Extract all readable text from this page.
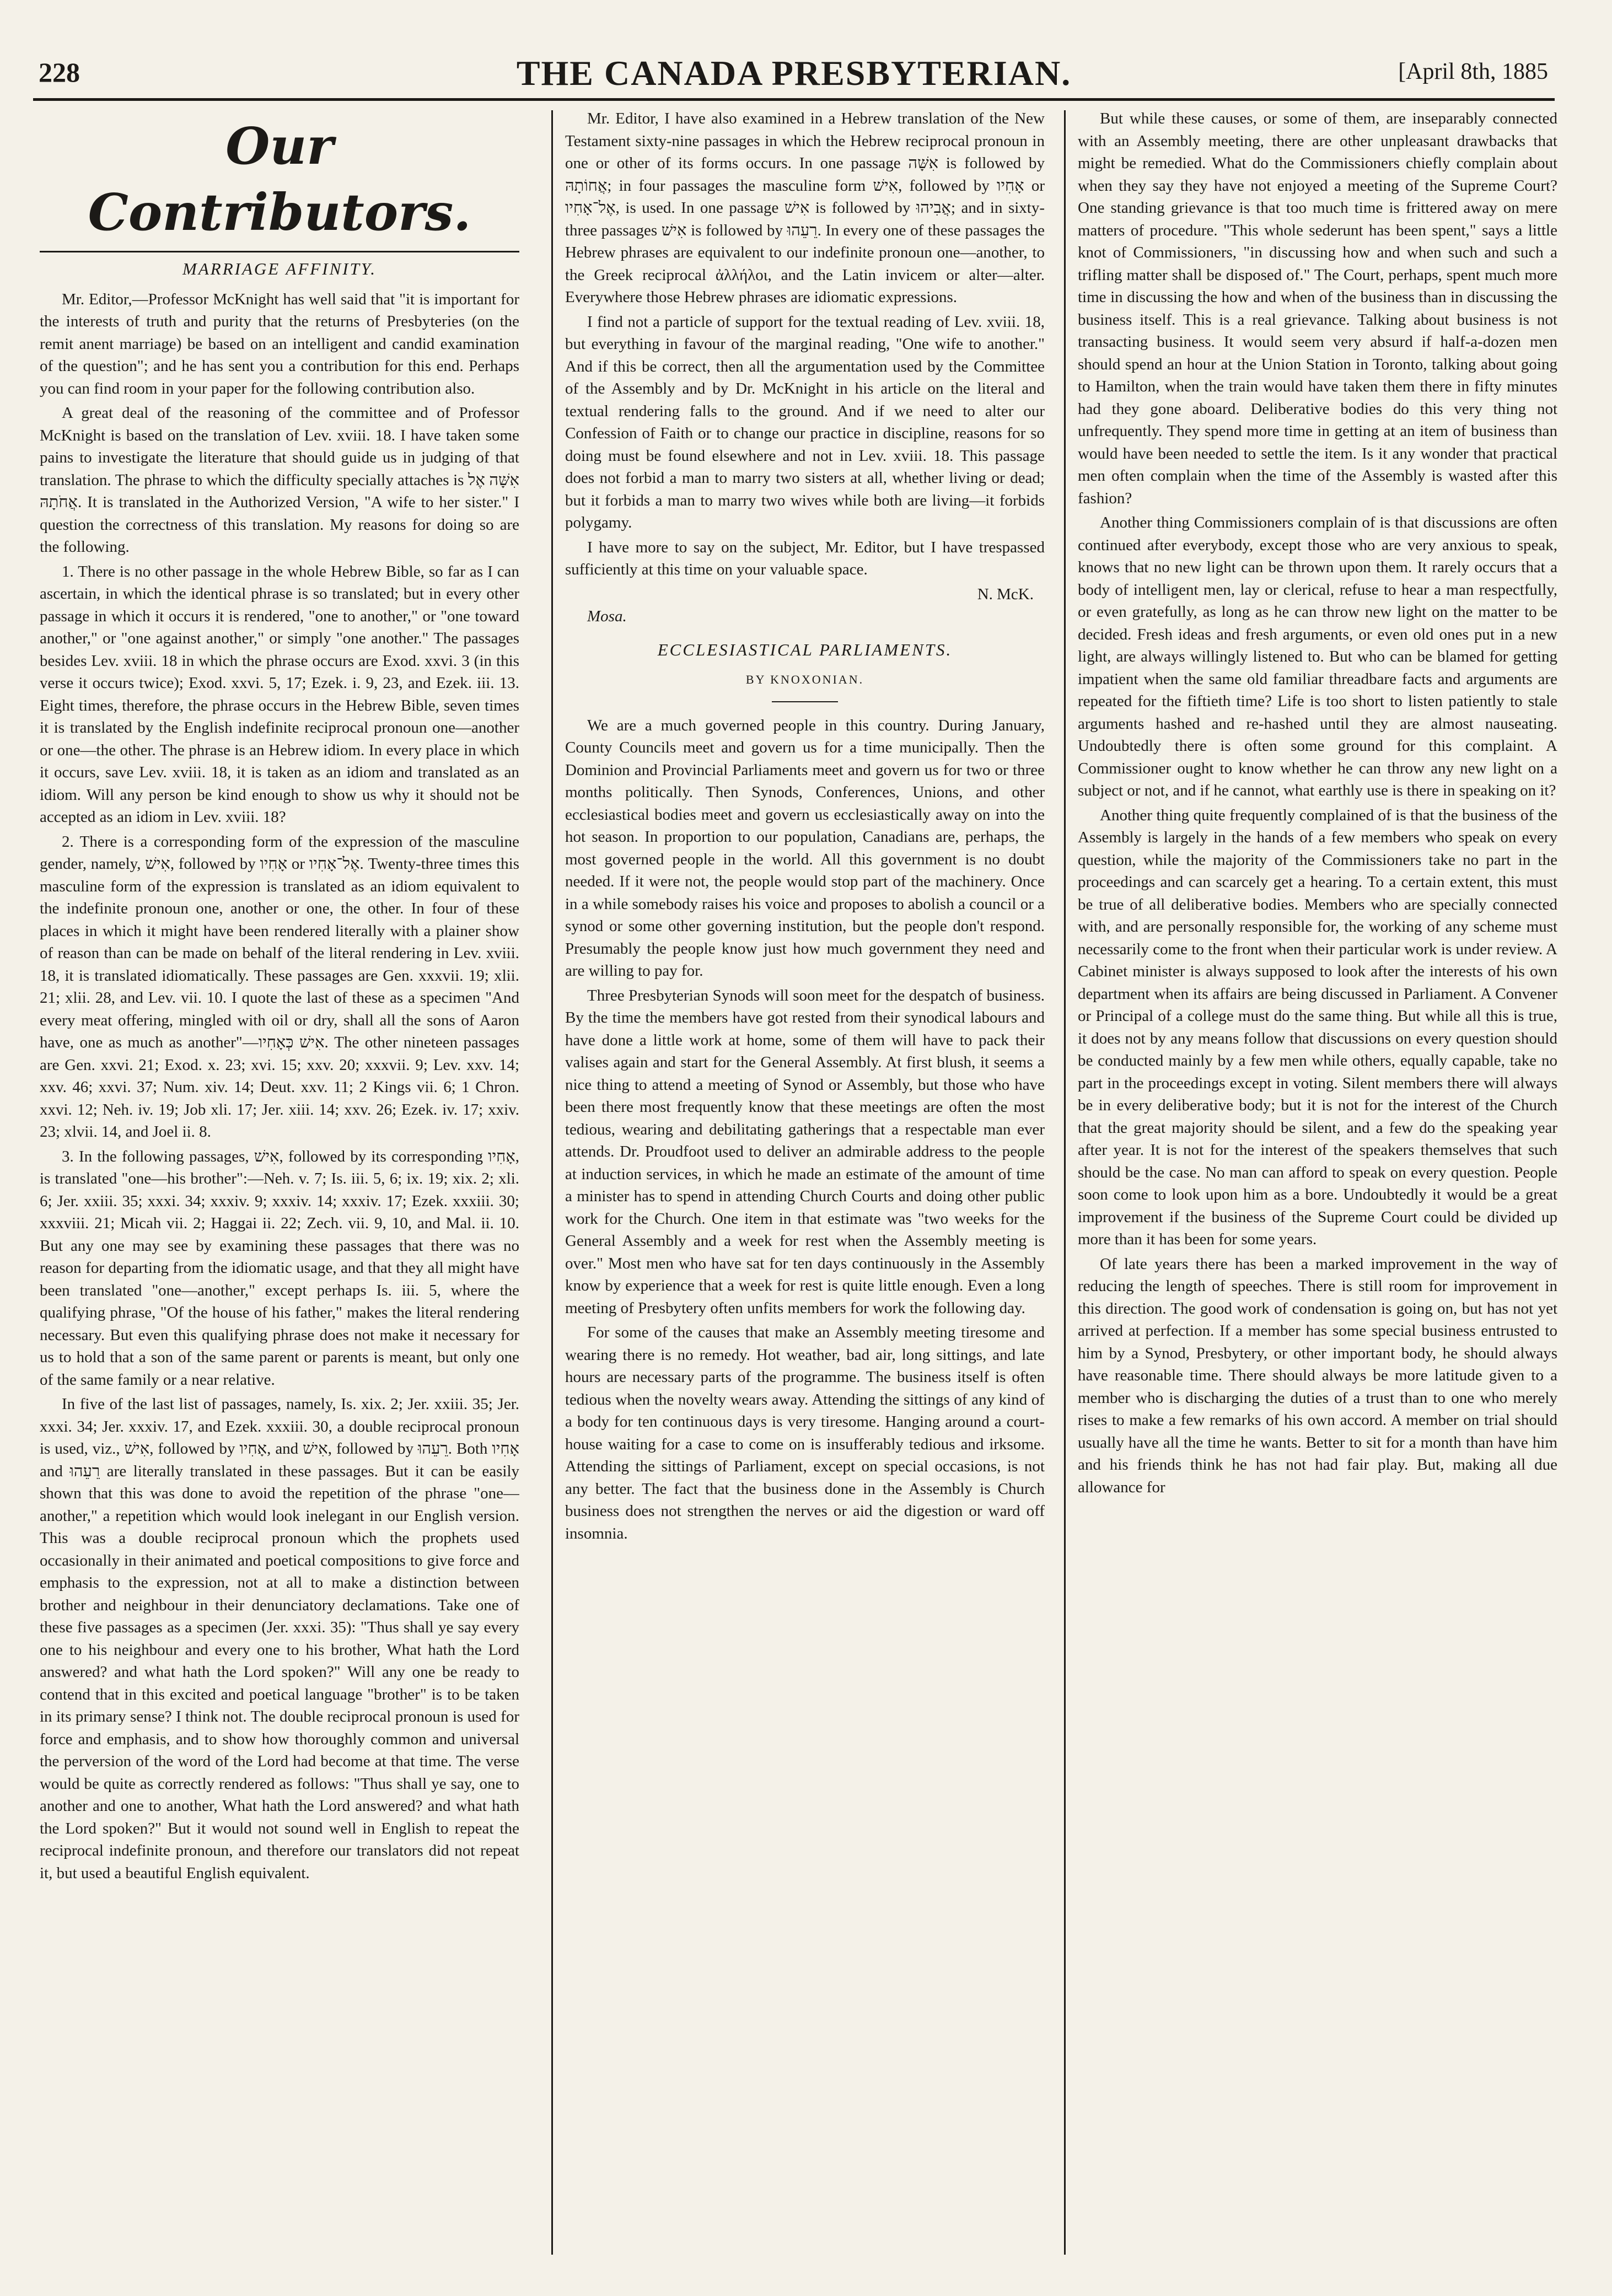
228	THE CANADA PRESBYTERIAN.	[April 8th, 1885
Our Contributors.
MARRIAGE AFFINITY.

Mr. Editor,—Professor McKnight has well said that "it is important for the interests of truth and purity that the returns of Presbyteries (on the remit anent marriage) be based on an intelligent and candid examination of the question"; and he has sent you a contribution for this end. Perhaps you can find room in your paper for the following contribution also.

A great deal of the reasoning of the committee and of Professor McKnight is based on the translation of Lev. xviii. 18. I have taken some pains to investigate the literature that should guide us in judging of that translation. The phrase to which the difficulty specially attaches is אִשָּׁה אֶל אֲחֹתָהּ. It is translated in the Authorized Version, "A wife to her sister." I question the correctness of this translation. My reasons for doing so are the following.

1. There is no other passage in the whole Hebrew Bible, so far as I can ascertain, in which the identical phrase is so translated; but in every other passage in which it occurs it is rendered, "one to another," or "one toward another," or "one against another," or simply "one another." The passages besides Lev. xviii. 18 in which the phrase occurs are Exod. xxvi. 3 (in this verse it occurs twice); Exod. xxvi. 5, 17; Ezek. i. 9, 23, and Ezek. iii. 13. Eight times, therefore, the phrase occurs in the Hebrew Bible, seven times it is translated by the English indefinite reciprocal pronoun one—another or one—the other. The phrase is an Hebrew idiom. In every place in which it occurs, save Lev. xviii. 18, it is taken as an idiom and translated as an idiom. Will any person be kind enough to show us why it should not be accepted as an idiom in Lev. xviii. 18?

2. There is a corresponding form of the expression of the masculine gender, namely, אִישׁ, followed by אָחִיו or אֶל־אָחִיו. Twenty-three times this masculine form of the expression is translated as an idiom equivalent to the indefinite pronoun one, another or one, the other. In four of these places in which it might have been rendered literally with a plainer show of reason than can be made on behalf of the literal rendering in Lev. xviii. 18, it is translated idiomatically. These passages are Gen. xxxvii. 19; xlii. 21; xlii. 28, and Lev. vii. 10. I quote the last of these as a specimen "And every meat offering, mingled with oil or dry, shall all the sons of Aaron have, one as much as another"—אִישׁ כְּאָחִיו. The other nineteen passages are Gen. xxvi. 21; Exod. x. 23; xvi. 15; xxv. 20; xxxvii. 9; Lev. xxv. 14; xxv. 46; xxvi. 37; Num. xiv. 14; Deut. xxv. 11; 2 Kings vii. 6; 1 Chron. xxvi. 12; Neh. iv. 19; Job xli. 17; Jer. xiii. 14; xxv. 26; Ezek. iv. 17; xxiv. 23; xlvii. 14, and Joel ii. 8.

3. In the following passages, אִישׁ, followed by its corresponding אָחִיו, is translated "one—his brother":—Neh. v. 7; Is. iii. 5, 6; ix. 19; xix. 2; xli. 6; Jer. xxiii. 35; xxxi. 34; xxxiv. 9; xxxiv. 14; xxxiv. 17; Ezek. xxxiii. 30; xxxviii. 21; Micah vii. 2; Haggai ii. 22; Zech. vii. 9, 10, and Mal. ii. 10. But any one may see by examining these passages that there was no reason for departing from the idiomatic usage, and that they all might have been translated "one—another," except perhaps Is. iii. 5, where the qualifying phrase, "Of the house of his father," makes the literal rendering necessary. But even this qualifying phrase does not make it necessary for us to hold that a son of the same parent or parents is meant, but only one of the same family or a near relative.

In five of the last list of passages, namely, Is. xix. 2; Jer. xxiii. 35; Jer. xxxi. 34; Jer. xxxiv. 17, and Ezek. xxxiii. 30, a double reciprocal pronoun is used, viz., אִישׁ, followed by אָחִיו, and אִישׁ, followed by רֵעֵהוּ. Both אָחִיו and רֵעֵהוּ are literally translated in these passages. But it can be easily shown that this was done to avoid the repetition of the phrase "one—another," a repetition which would look inelegant in our English version. This was a double reciprocal pronoun which the prophets used occasionally in their animated and poetical compositions to give force and emphasis to the expression, not at all to make a distinction between brother and neighbour in their denunciatory declamations. Take one of these five passages as a specimen (Jer. xxxi. 35): "Thus shall ye say every one to his neighbour and every one to his brother, What hath the Lord answered? and what hath the Lord spoken?" Will any one be ready to contend that in this excited and poetical language "brother" is to be taken in its primary sense? I think not. The double reciprocal pronoun is used for force and emphasis, and to show how thoroughly common and universal the perversion of the word of the Lord had become at that time. The verse would be quite as correctly rendered as follows: "Thus shall ye say, one to another and one to another, What hath the Lord answered? and what hath the Lord spoken?" But it would not sound well in English to repeat the reciprocal indefinite pronoun, and therefore our translators did not repeat it, but used a beautiful English equivalent.

Mr. Editor, I have also examined in a Hebrew translation of the New Testament sixty-nine passages in which the Hebrew reciprocal pronoun in one or other of its forms occurs. In one passage אִשָּׁה is followed by אֲחוֹתָהּ; in four passages the masculine form אִישׁ, followed by אָחִיו or אֶל־אָחִיו, is used. In one passage אִישׁ is followed by אֲבִיהוּ; and in sixty-three passages אִישׁ is followed by רֵעֵהוּ. In every one of these passages the Hebrew phrases are equivalent to our indefinite pronoun one—another, to the Greek reciprocal ἀλλήλοι, and the Latin invicem or alter—alter. Everywhere those Hebrew phrases are idiomatic expressions.

I find not a particle of support for the textual reading of Lev. xviii. 18, but everything in favour of the marginal reading, "One wife to another." And if this be correct, then all the argumentation used by the Committee of the Assembly and by Dr. McKnight in his article on the literal and textual rendering falls to the ground. And if we need to alter our Confession of Faith or to change our practice in discipline, reasons for so doing must be found elsewhere and not in Lev. xviii. 18. This passage does not forbid a man to marry two sisters at all, whether living or dead; but it forbids a man to marry two wives while both are living—it forbids polygamy.

I have more to say on the subject, Mr. Editor, but I have trespassed sufficiently at this time on your valuable space.

N. McK.
Mosa.
ECCLESIASTICAL PARLIAMENTS.
BY KNOXONIAN.

We are a much governed people in this country. During January, County Councils meet and govern us for a time municipally. Then the Dominion and Provincial Parliaments meet and govern us for two or three months politically. Then Synods, Conferences, Unions, and other ecclesiastical bodies meet and govern us ecclesiastically away on into the hot season. In proportion to our population, Canadians are, perhaps, the most governed people in the world. All this government is no doubt needed. If it were not, the people would stop part of the machinery. Once in a while somebody raises his voice and proposes to abolish a council or a synod or some other governing institution, but the people don't respond. Presumably the people know just how much government they need and are willing to pay for.

Three Presbyterian Synods will soon meet for the despatch of business. By the time the members have got rested from their synodical labours and have done a little work at home, some of them will have to pack their valises again and start for the General Assembly. At first blush, it seems a nice thing to attend a meeting of Synod or Assembly, but those who have been there most frequently know that these meetings are often the most tedious, wearing and debilitating gatherings that a respectable man ever attends. Dr. Proudfoot used to deliver an admirable address to the people at induction services, in which he made an estimate of the amount of time a minister has to spend in attending Church Courts and doing other public work for the Church. One item in that estimate was "two weeks for the General Assembly and a week for rest when the Assembly meeting is over." Most men who have sat for ten days continuously in the Assembly know by experience that a week for rest is quite little enough. Even a long meeting of Presbytery often unfits members for work the following day.

For some of the causes that make an Assembly meeting tiresome and wearing there is no remedy. Hot weather, bad air, long sittings, and late hours are necessary parts of the programme. The business itself is often tedious when the novelty wears away. Attending the sittings of any kind of a body for ten continuous days is very tiresome. Hanging around a court-house waiting for a case to come on is insufferably tedious and irksome. Attending the sittings of Parliament, except on special occasions, is not any better. The fact that the business done in the Assembly is Church business does not strengthen the nerves or aid the digestion or ward off insomnia.

But while these causes, or some of them, are inseparably connected with an Assembly meeting, there are other unpleasant drawbacks that might be remedied. What do the Commissioners chiefly complain about when they say they have not enjoyed a meeting of the Supreme Court? One standing grievance is that too much time is frittered away on mere matters of procedure. "This whole sederunt has been spent," says a little knot of Commissioners, "in discussing how and when such and such a trifling matter shall be disposed of." The Court, perhaps, spent much more time in discussing the how and when of the business than in discussing the business itself. This is a real grievance. Talking about business is not transacting business. It would seem very absurd if half-a-dozen men should spend an hour at the Union Station in Toronto, talking about going to Hamilton, when the train would have taken them there in fifty minutes had they gone aboard. Deliberative bodies do this very thing not unfrequently. They spend more time in getting at an item of business than would have been needed to settle the item. Is it any wonder that practical men often complain when the time of the Assembly is wasted after this fashion?

Another thing Commissioners complain of is that discussions are often continued after everybody, except those who are very anxious to speak, knows that no new light can be thrown upon them. It rarely occurs that a body of intelligent men, lay or clerical, refuse to hear a man respectfully, or even gratefully, as long as he can throw new light on the matter to be decided. Fresh ideas and fresh arguments, or even old ones put in a new light, are always willingly listened to. But who can be blamed for getting impatient when the same old familiar threadbare facts and arguments are repeated for the fiftieth time? Life is too short to listen patiently to stale arguments hashed and re-hashed until they are almost nauseating. Undoubtedly there is often some ground for this complaint. A Commissioner ought to know whether he can throw any new light on a subject or not, and if he cannot, what earthly use is there in speaking on it?

Another thing quite frequently complained of is that the business of the Assembly is largely in the hands of a few members who speak on every question, while the majority of the Commissioners take no part in the proceedings and can scarcely get a hearing. To a certain extent, this must be true of all deliberative bodies. Members who are specially connected with, and are personally responsible for, the working of any scheme must necessarily come to the front when their particular work is under review. A Cabinet minister is always supposed to look after the interests of his own department when its affairs are being discussed in Parliament. A Convener or Principal of a college must do the same thing. But while all this is true, it does not by any means follow that discussions on every question should be conducted mainly by a few men while others, equally capable, take no part in the proceedings except in voting. Silent members there will always be in every deliberative body; but it is not for the interest of the Church that the great majority should be silent, and a few do the speaking year after year. It is not for the interest of the speakers themselves that such should be the case. No man can afford to speak on every question. People soon come to look upon him as a bore. Undoubtedly it would be a great improvement if the business of the Supreme Court could be divided up more than it has been for some years.

Of late years there has been a marked improvement in the way of reducing the length of speeches. There is still room for improvement in this direction. The good work of condensation is going on, but has not yet arrived at perfection. If a member has some special business entrusted to him by a Synod, Presbytery, or other important body, he should always have reasonable time. There should always be more latitude given to a member who is discharging the duties of a trust than to one who merely rises to make a few remarks of his own accord. A member on trial should usually have all the time he wants. Better to sit for a month than have him and his friends think he has not had fair play. But, making all due allowance for
